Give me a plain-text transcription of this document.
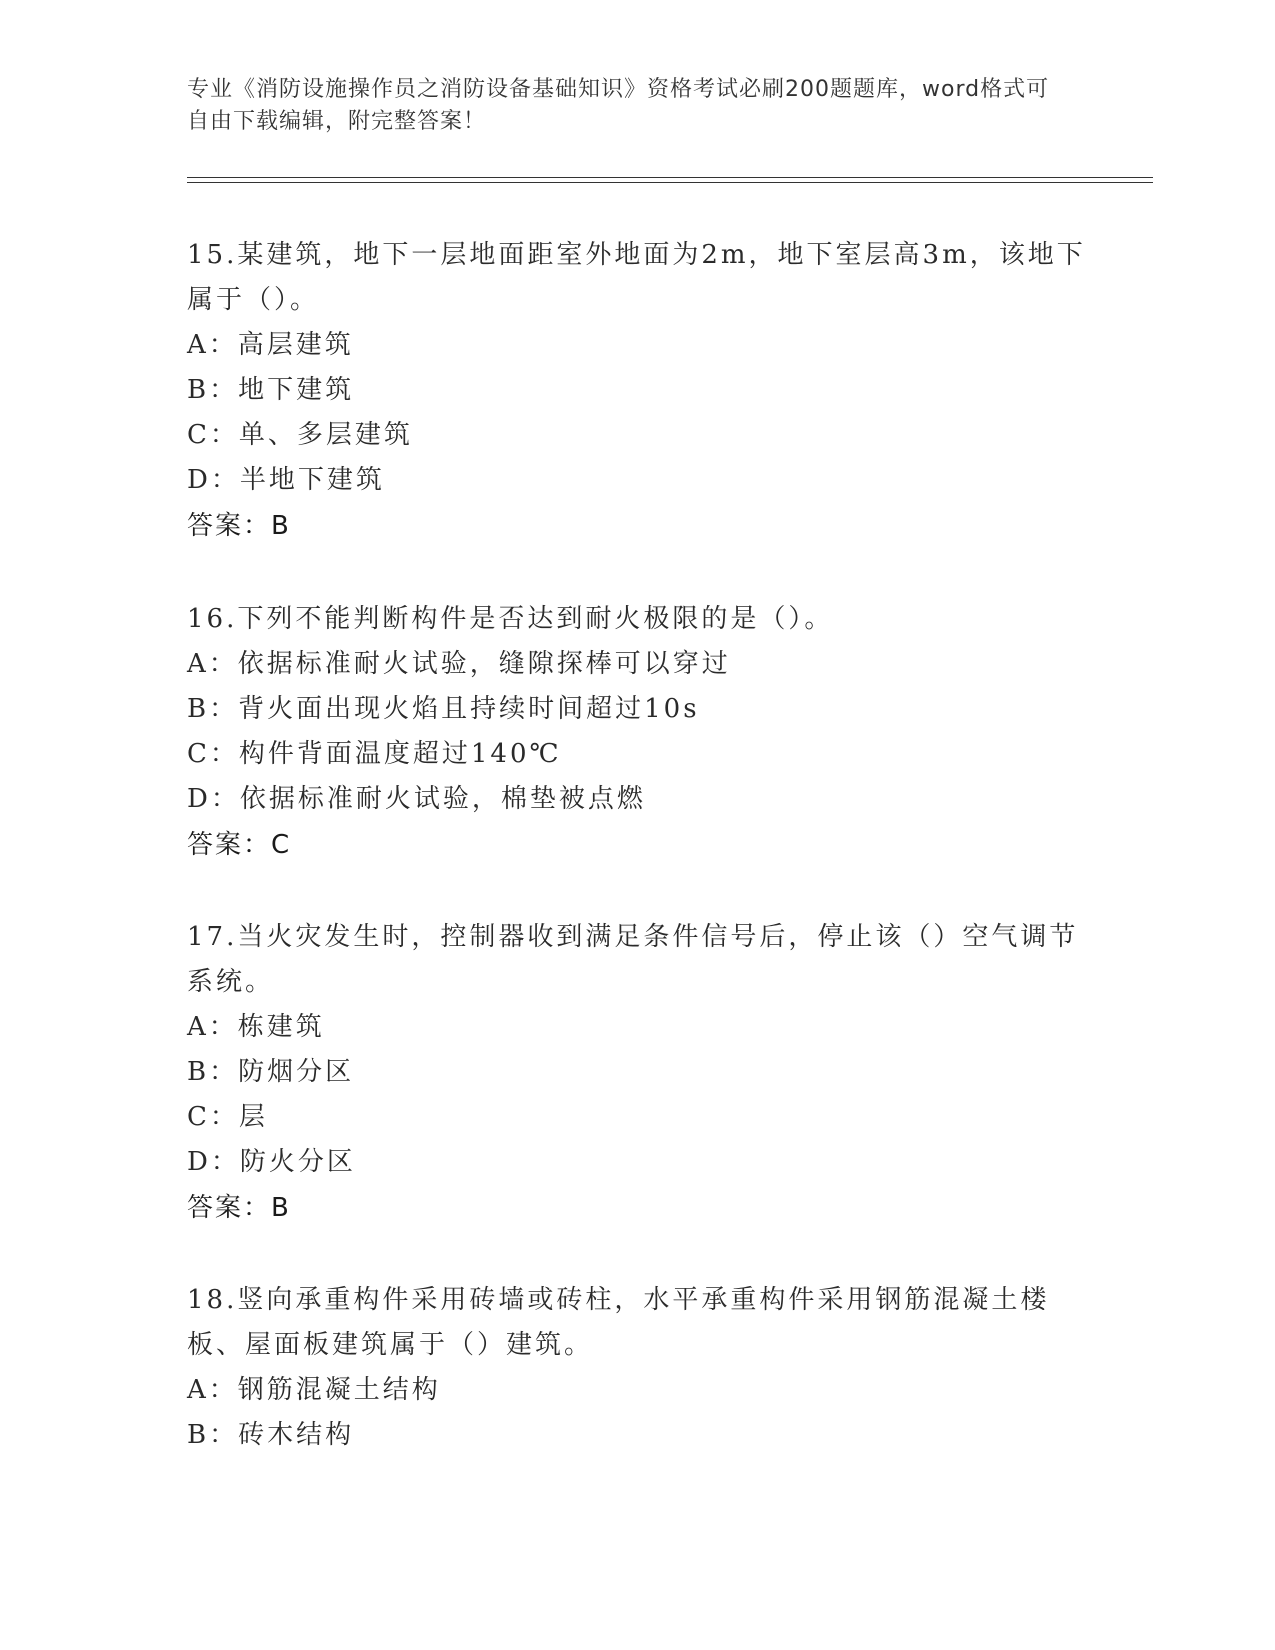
专业《消防设施操作员之消防设备基础知识》资格考试必刷200题题库，word格式可自由下载编辑，附完整答案！
15.某建筑，地下一层地面距室外地面为2m，地下室层高3m，该地下属于（）。
A：高层建筑
B：地下建筑
C：单、多层建筑
D：半地下建筑
答案：B
16.下列不能判断构件是否达到耐火极限的是（）。
A：依据标准耐火试验，缝隙探棒可以穿过
B：背火面出现火焰且持续时间超过10s
C：构件背面温度超过140℃
D：依据标准耐火试验，棉垫被点燃
答案：C
17.当火灾发生时，控制器收到满足条件信号后，停止该（）空气调节系统。
A：栋建筑
B：防烟分区
C：层
D：防火分区
答案：B
18.竖向承重构件采用砖墙或砖柱，水平承重构件采用钢筋混凝土楼板、屋面板建筑属于（）建筑。
A：钢筋混凝土结构
B：砖木结构
